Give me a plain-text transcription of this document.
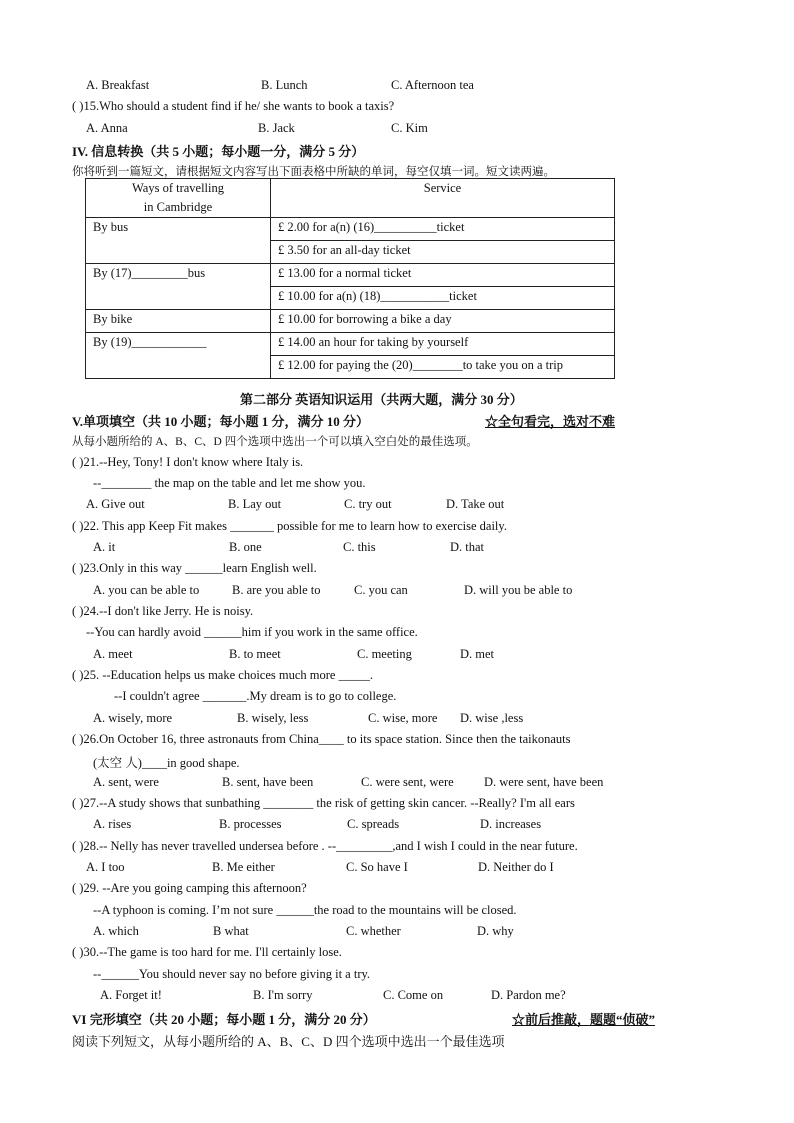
A. Breakfast	B. Lunch	C. Afternoon tea
( )15.Who should a student find if he/ she wants to book a taxis?
A. Anna	B. Jack	C. Kim
IV. 信息转换（共 5 小题；每小题一分，满分 5 分）
你将听到一篇短文，请根据短文内容写出下面表格中所缺的单词，每空仅填一词。短文读两遍。
Ways of travelling
in Cambridge	Service
By bus	£ 2.00 for a(n) (16)__________ticket
	£ 3.50 for an all-day ticket
By (17)_________bus	£ 13.00 for a normal ticket
	£ 10.00 for a(n) (18)___________ticket
By bike	£ 10.00 for borrowing a bike a day
By (19)____________	£ 14.00 an hour for taking by yourself
	£ 12.00 for paying the (20)________to take you on a trip
第二部分 英语知识运用（共两大题，满分 30 分）
V.单项填空（共 10 小题；每小题 1 分，满分 10 分）	☆全句看完，选对不难
从每小题所给的 A、B、C、D 四个选项中选出一个可以填入空白处的最佳选项。
( )21.--Hey, Tony! I don't know where Italy is.
--________ the map on the table and let me show you.
A. Give out	B. Lay out	C. try out	D. Take out
( )22. This app Keep Fit makes _______ possible for me to learn how to exercise daily.
A. it	B. one	C. this	D. that
( )23.Only in this way ______learn English well.
A. you can be able to	B. are you able to	C. you can	D. will you be able to
( )24.--I don't like Jerry. He is noisy.
--You can hardly avoid ______him if you work in the same office.
A. meet	B. to meet	C. meeting	D. met
( )25. --Education helps us make choices much more _____.
--I couldn't agree _______.My dream is to go to college.
A. wisely, more	B. wisely, less	C. wise, more D. wise ,less
( )26.On October 16, three astronauts from China____ to its space station. Since then the taikonauts
(太空 人)____in good shape.
A. sent, were	B. sent, have been	C. were sent, were D. were sent, have been
( )27.--A study shows that sunbathing ________ the risk of getting skin cancer. --Really? I'm all ears
A. rises	B. processes	C. spreads	D. increases
( )28.-- Nelly has never travelled undersea before . --_________,and I wish I could in the near future.
A. I too	B. Me either	C. So have I	D. Neither do I
( )29. --Are you going camping this afternoon?
--A typhoon is coming. I’m not sure ______the road to the mountains will be closed.
A. which	B what	C. whether	D. why
( )30.--The game is too hard for me. I'll certainly lose.
--______You should never say no before giving it a try.
A. Forget it!	B. I'm sorry	C. Come on	D. Pardon me?
VI 完形填空（共 20 小题；每小题 1 分，满分 20 分）	☆前后推敲，题题“侦破”
阅读下列短文，从每小题所给的 A、B、C、D 四个选项中选出一个最佳选项
